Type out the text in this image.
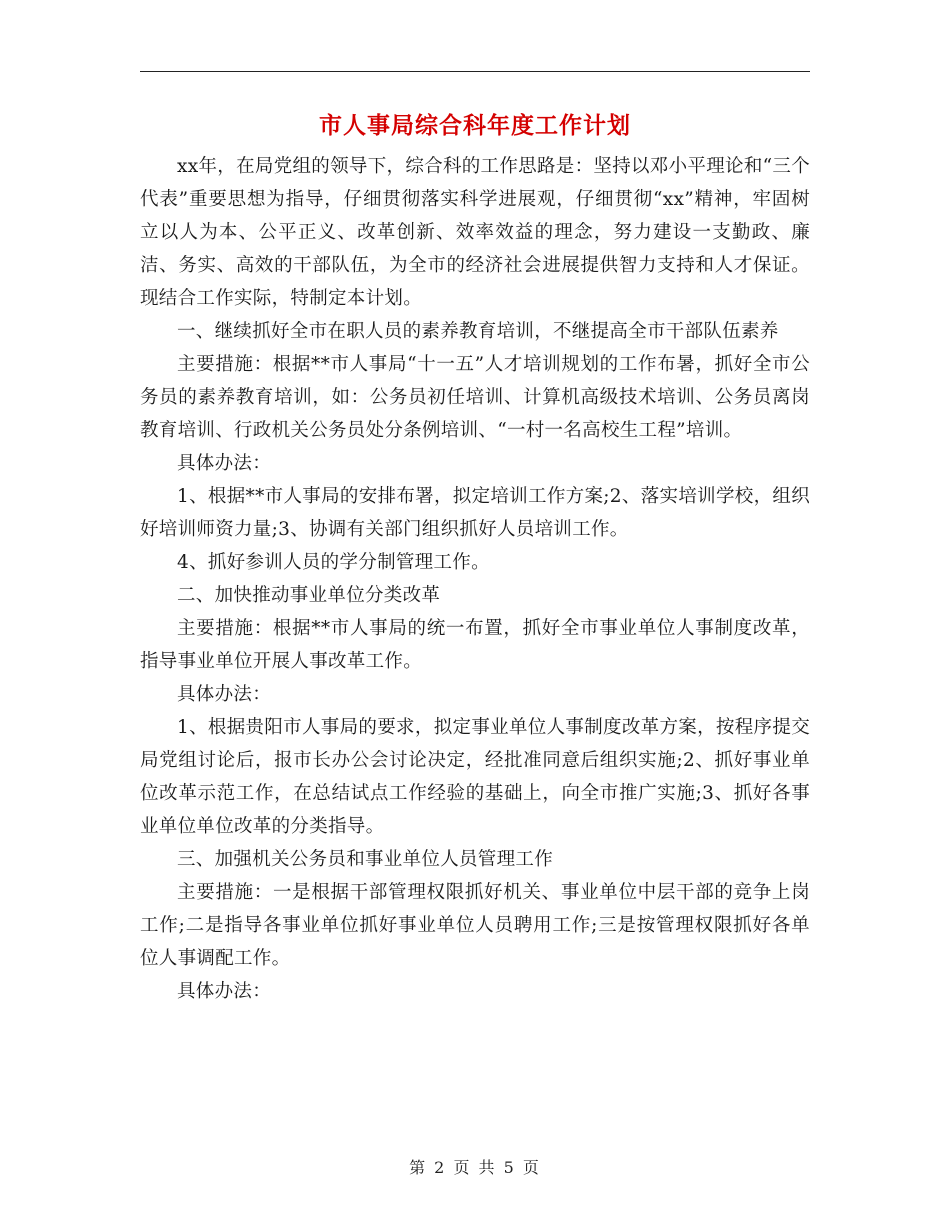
市人事局综合科年度工作计划

xx年，在局党组的领导下，综合科的工作思路是：坚持以邓小平理论和“三个代表”重要思想为指导，仔细贯彻落实科学进展观，仔细贯彻“xx”精神，牢固树立以人为本、公平正义、改革创新、效率效益的理念，努力建设一支勤政、廉洁、务实、高效的干部队伍，为全市的经济社会进展提供智力支持和人才保证。现结合工作实际，特制定本计划。

一、继续抓好全市在职人员的素养教育培训，不继提高全市干部队伍素养

主要措施：根据**市人事局“十一五”人才培训规划的工作布暑，抓好全市公务员的素养教育培训，如：公务员初任培训、计算机高级技术培训、公务员离岗教育培训、行政机关公务员处分条例培训、“一村一名高校生工程”培训。

具体办法：

1、根据**市人事局的安排布署，拟定培训工作方案;2、落实培训学校，组织好培训师资力量;3、协调有关部门组织抓好人员培训工作。

4、抓好参训人员的学分制管理工作。

二、加快推动事业单位分类改革

主要措施：根据**市人事局的统一布置，抓好全市事业单位人事制度改革，指导事业单位开展人事改革工作。

具体办法：

1、根据贵阳市人事局的要求，拟定事业单位人事制度改革方案，按程序提交局党组讨论后，报市长办公会讨论决定，经批准同意后组织实施;2、抓好事业单位改革示范工作，在总结试点工作经验的基础上，向全市推广实施;3、抓好各事业单位单位改革的分类指导。

三、加强机关公务员和事业单位人员管理工作

主要措施：一是根据干部管理权限抓好机关、事业单位中层干部的竞争上岗工作;二是指导各事业单位抓好事业单位人员聘用工作;三是按管理权限抓好各单位人事调配工作。

具体办法：

第 2 页 共 5 页
